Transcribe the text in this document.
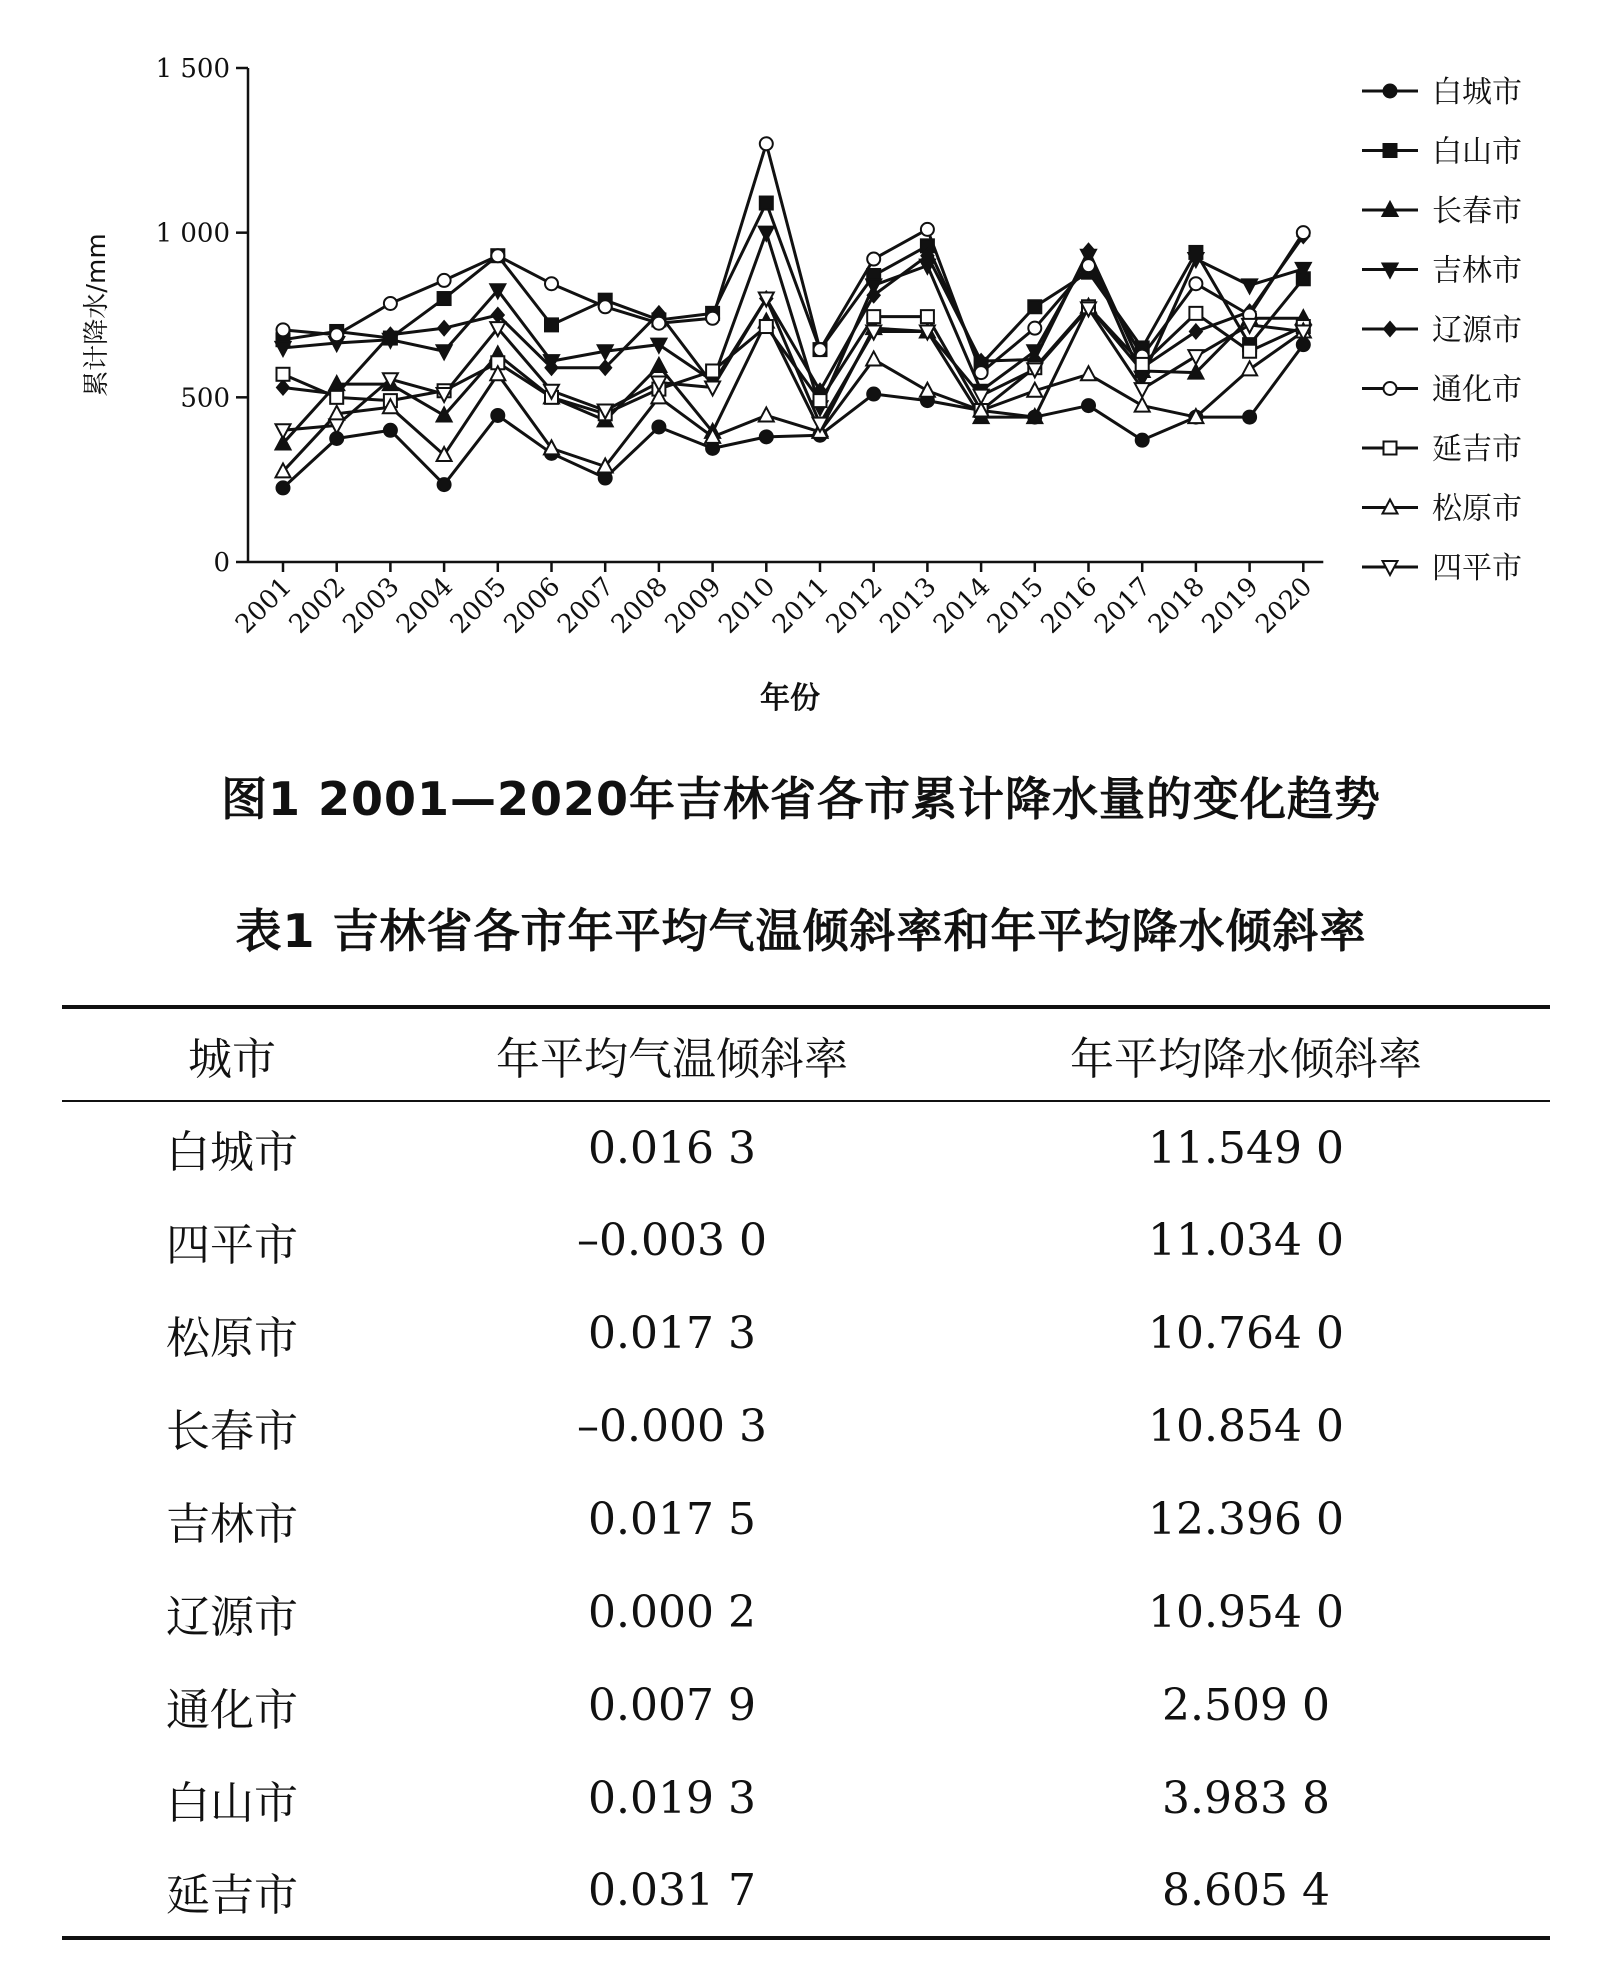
0
500
1 000
1 500
2001
2002
2003
2004
2005
2006
2007
2008
2009
2010
2011
2012
2013
2014
2015
2016
2017
2018
2019
2020
年份
累计降水/mm
白城市
白山市
长春市
吉林市
辽源市
通化市
延吉市
松原市
四平市
图1 2001—2020年吉林省各市累计降水量的变化趋势
表1 吉林省各市年平均气温倾斜率和年平均降水倾斜率
城市	年平均气温倾斜率	年平均降水倾斜率
白城市	0.016 3	11.549 0
四平市	–0.003 0	11.034 0
松原市	0.017 3	10.764 0
长春市	–0.000 3	10.854 0
吉林市	0.017 5	12.396 0
辽源市	0.000 2	10.954 0
通化市	0.007 9	2.509 0
白山市	0.019 3	3.983 8
延吉市	0.031 7	8.605 4
